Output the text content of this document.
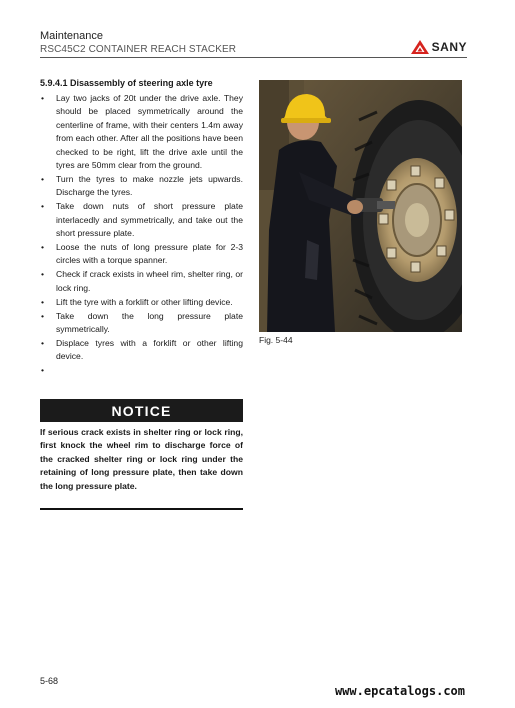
Maintenance
RSC45C2 CONTAINER REACH STACKER	SANY
5.9.4.1 Disassembly of steering axle tyre
• Lay two jacks of 20t under the drive axle. They should be placed symmetrically around the centerline of frame, with their centers 1.4m away from each other. After all the positions have been checked to be right, lift the drive axle until the tyres are 50mm clear from the ground.
• Turn the tyres to make nozzle jets upwards. Discharge the tyres.
• Take down nuts of short pressure plate interlacedly and symmetrically, and take out the short pressure plate.
• Loose the nuts of long pressure plate for 2-3 circles with a torque spanner.
• Check if crack exists in wheel rim, shelter ring, or lock ring.
• Lift the tyre with a forklift or other lifting device.
• Take down the long pressure plate symmetrically.
• Displace tyres with a forklift or other lifting device.
•
NOTICE

If serious crack exists in shelter ring or lock ring, first knock the wheel rim to discharge force of the cracked shelter ring or lock ring under the retaining of long pressure plate, then take down the long pressure plate.

Fig. 5-44
5-68
www.epcatalogs.com
